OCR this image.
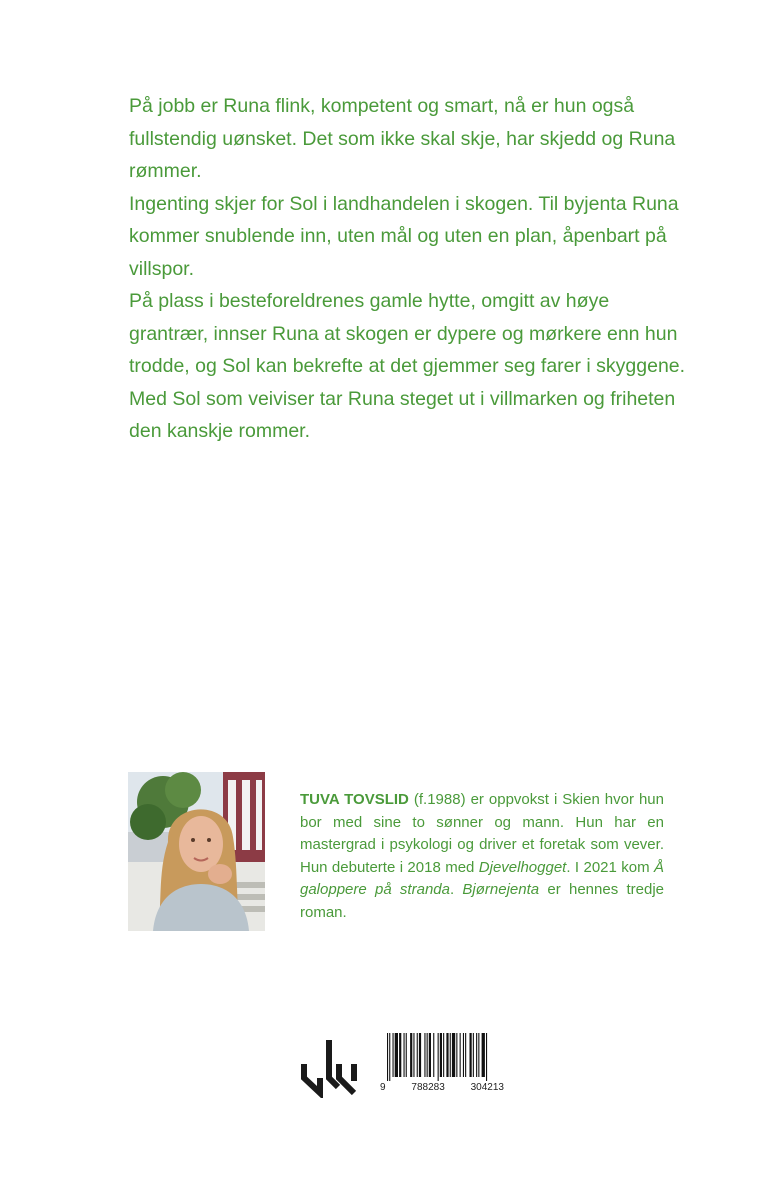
På jobb er Runa flink, kompetent og smart, nå er hun også fullstendig uønsket. Det som ikke skal skje, har skjedd og Runa rømmer.

Ingenting skjer for Sol i landhandelen i skogen. Til byjenta Runa kommer snublende inn, uten mål og uten en plan, åpenbart på villspor.

På plass i besteforeldrenes gamle hytte, omgitt av høye grantrær, innser Runa at skogen er dypere og mørkere enn hun trodde, og Sol kan bekrefte at det gjemmer seg farer i skyggene.

Med Sol som veiviser tar Runa steget ut i villmarken og friheten den kanskje rommer.

TUVA TOVSLID (f.1988) er oppvokst i Skien hvor hun bor med sine to sønner og mann. Hun har en mastergrad i psykologi og driver et foretak som vever. Hun debuterte i 2018 med Djevelhogget. I 2021 kom Å galoppere på stranda. Bjørnejenta er hennes tredje roman.
9	788283	304213
